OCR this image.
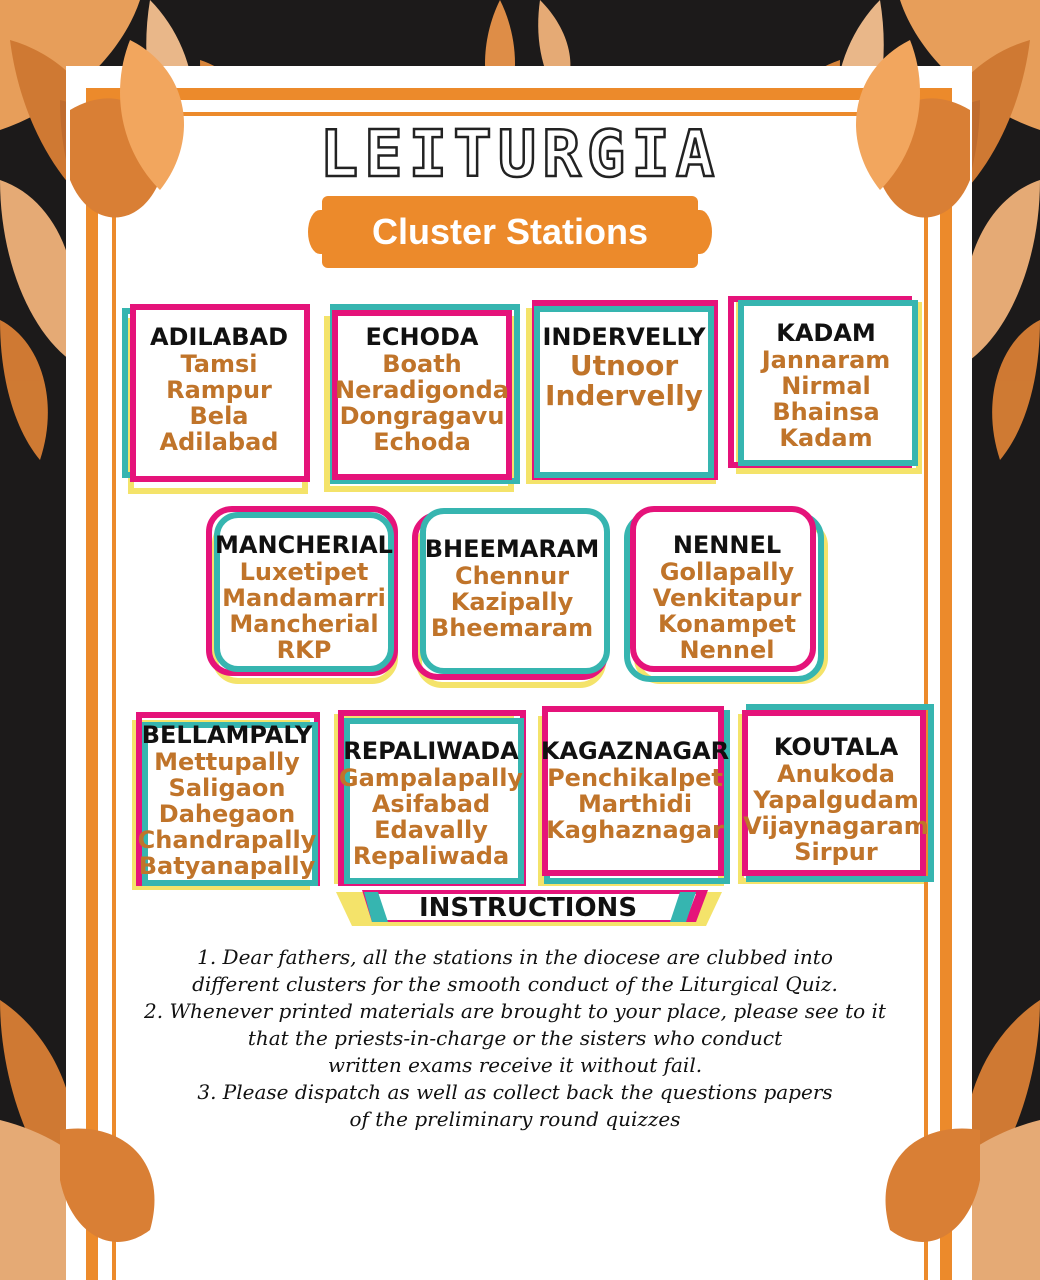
LEITURGIA
Cluster Stations
ADILABAD
Tamsi
Rampur
Bela
Adilabad
ECHODA
Boath
Neradigonda
Dongragavu
Echoda
INDERVELLY
Utnoor
Indervelly
KADAM
Jannaram
Nirmal
Bhainsa
Kadam
MANCHERIAL
Luxetipet
Mandamarri
Mancherial
RKP
BHEEMARAM
Chennur
Kazipally
Bheemaram
NENNEL
Gollapally
Venkitapur
Konampet
Nennel
BELLAMPALY
Mettupally
Saligaon
Dahegaon
Chandrapally
Batyanapally
REPALIWADA
Gampalapally
Asifabad
Edavally
Repaliwada
KAGAZNAGAR
Penchikalpet
Marthidi
Kaghaznagar
KOUTALA
Anukoda
Yapalgudam
Vijaynagaram
Sirpur
INSTRUCTIONS
1. Dear fathers, all the stations in the diocese are clubbed into
different clusters for the smooth conduct of the Liturgical Quiz.
2. Whenever printed materials are brought to your place, please see to it
that the priests-in-charge or the sisters who conduct
written exams receive it without fail.
3. Please dispatch as well as collect back the questions papers
of the preliminary round quizzes
